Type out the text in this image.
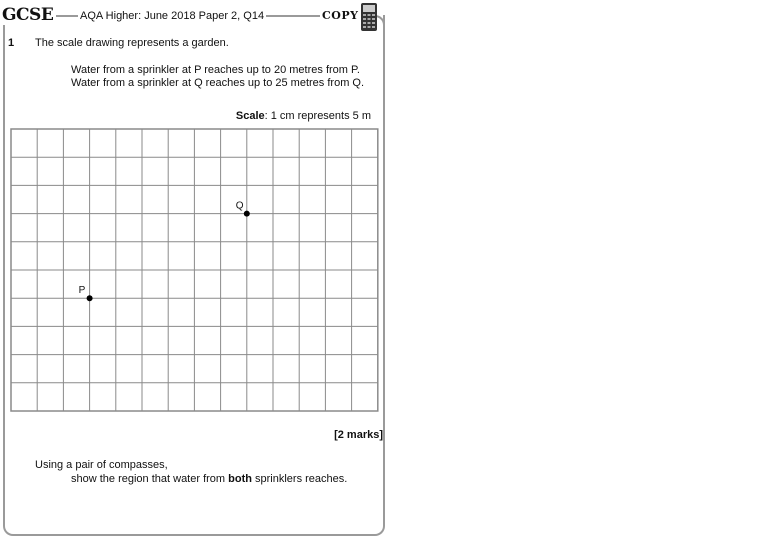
GCSE AQA Higher: June 2018 Paper 2, Q14	COPY
1 The scale drawing represents a garden.
Water from a sprinkler at P reaches up to 20 metres from P.
Water from a sprinkler at Q reaches up to 25 metres from Q.
Scale: 1 cm represents 5 m
Q
P
[2 marks]
Using a pair of compasses,
show the region that water from both sprinklers reaches.
